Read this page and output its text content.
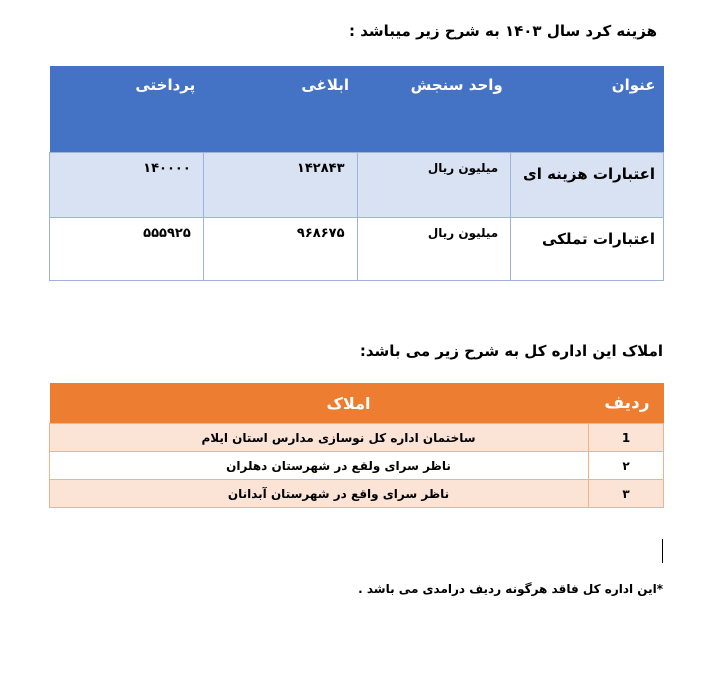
هزینه کرد سال ۱۴۰۳ به شرح زیر میباشد :
عنوان	واحد سنجش	ابلاغی	پرداختی
اعتبارات هزینه ای	میلیون ریال	۱۴۲۸۴۳	۱۴۰۰۰۰
اعتبارات تملکی	میلیون ریال	۹۶۸۶۷۵	۵۵۵۹۲۵
املاک این اداره کل به شرح زیر می باشد:
ردیف	املاک
1	ساختمان اداره کل نوسازی مدارس استان ایلام
۲	ناظر سرای ولقع در شهرستان دهلران
۳	ناظر سرای واقع در شهرستان آبدانان
*این اداره کل فاقد هرگونه ردیف درامدی می باشد .
